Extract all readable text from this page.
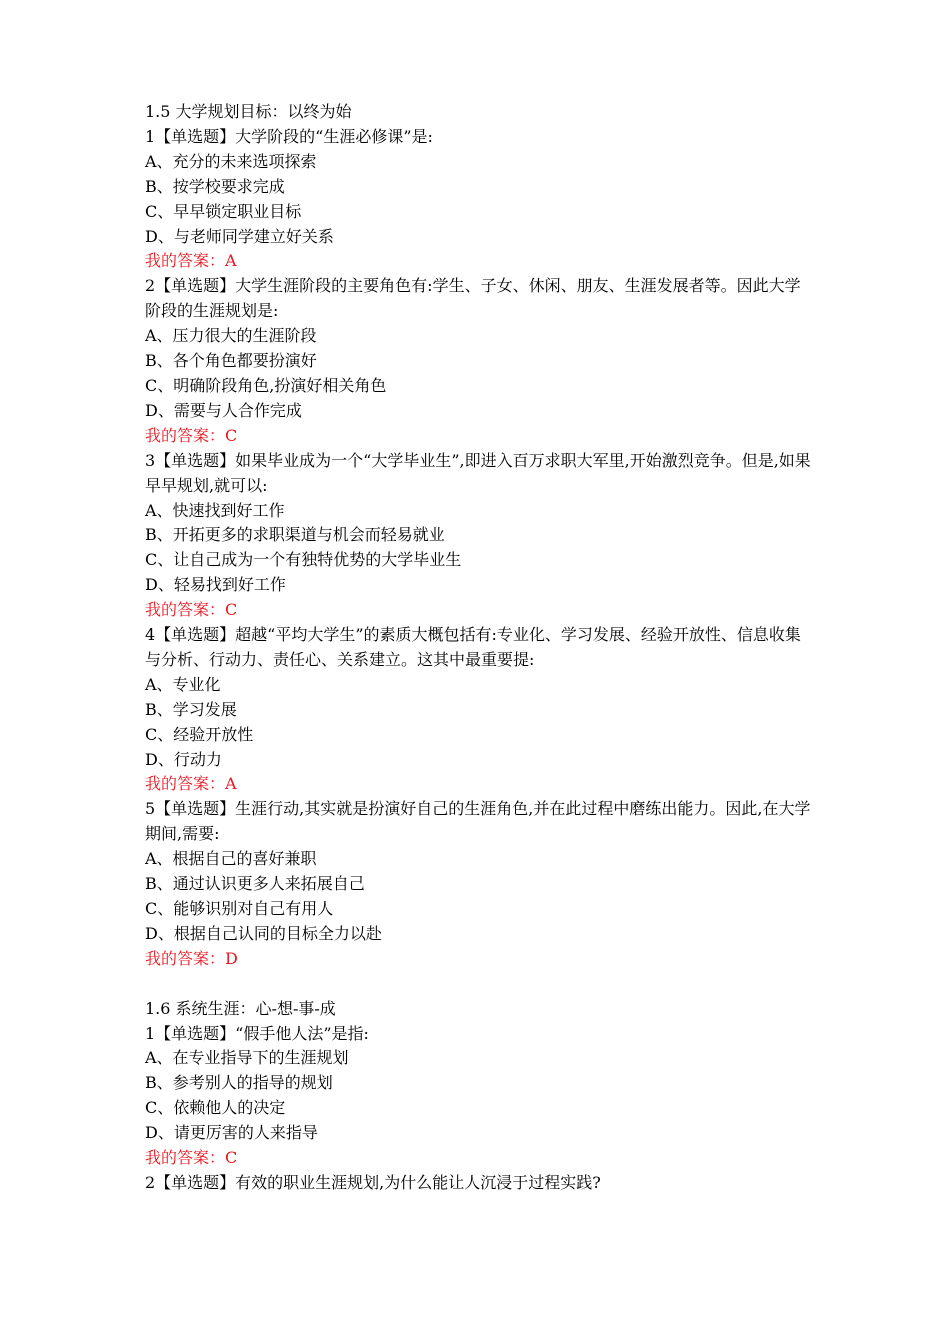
1.5 大学规划目标：以终为始
1【单选题】大学阶段的“生涯必修课”是:
A、充分的未来选项探索
B、按学校要求完成
C、早早锁定职业目标
D、与老师同学建立好关系
我的答案：A
2【单选题】大学生涯阶段的主要角色有:学生、子女、休闲、朋友、生涯发展者等。因此大学阶段的生涯规划是:
A、压力很大的生涯阶段
B、各个角色都要扮演好
C、明确阶段角色,扮演好相关角色
D、需要与人合作完成
我的答案：C
3【单选题】如果毕业成为一个“大学毕业生”,即进入百万求职大军里,开始激烈竞争。但是,如果早早规划,就可以:
A、快速找到好工作
B、开拓更多的求职渠道与机会而轻易就业
C、让自己成为一个有独特优势的大学毕业生
D、轻易找到好工作
我的答案：C
4【单选题】超越“平均大学生”的素质大概包括有:专业化、学习发展、经验开放性、信息收集与分析、行动力、责任心、关系建立。这其中最重要提:
A、专业化
B、学习发展
C、经验开放性
D、行动力
我的答案：A
5【单选题】生涯行动,其实就是扮演好自己的生涯角色,并在此过程中磨练出能力。因此,在大学期间,需要:
A、根据自己的喜好兼职
B、通过认识更多人来拓展自己
C、能够识别对自己有用人
D、根据自己认同的目标全力以赴
我的答案：D
1.6 系统生涯：心-想-事-成
1【单选题】“假手他人法”是指:
A、在专业指导下的生涯规划
B、参考别人的指导的规划
C、依赖他人的决定
D、请更厉害的人来指导
我的答案：C
2【单选题】有效的职业生涯规划,为什么能让人沉浸于过程实践?
